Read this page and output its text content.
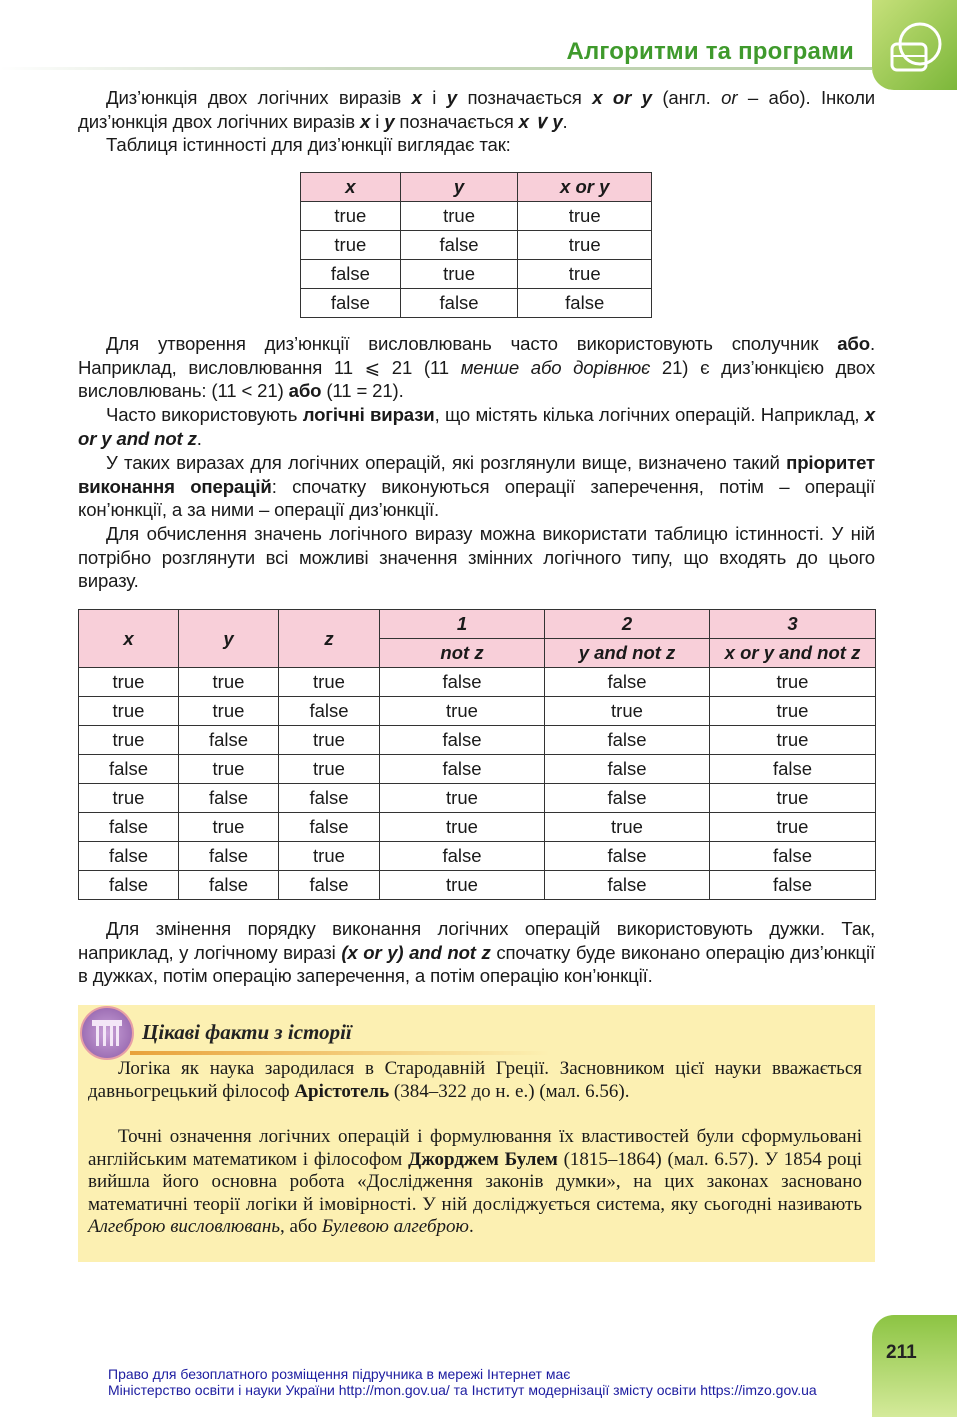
Алгоритми та програми
Диз’юнкція двох логічних виразів x і y позначається x or y (англ. or – або). Інколи диз’юнкція двох логічних виразів x і y позначається x ∨ y.
Таблиця істинності для диз’юнкції виглядає так:
x	y	x or y
true	true	true
true	false	true
false	true	true
false	false	false
Для утворення диз’юнкції висловлювань часто використовують сполучник або. Наприклад, висловлювання 11 ⩽ 21 (11 менше або дорівнює 21) є диз’юнкцією двох висловлювань: (11 < 21) або (11 = 21).
Часто використовують логічні вирази, що містять кілька логічних операцій. Наприклад, x or y and not z.
У таких виразах для логічних операцій, які розглянули вище, визначено такий пріоритет виконання операцій: спочатку виконуються операції заперечення, потім – операції кон’юнкції, а за ними – операції диз’юнкції.
Для обчислення значень логічного виразу можна використати таблицю істинності. У ній потрібно розглянути всі можливі значення змінних логічного типу, що входять до цього виразу.
x	y	z	1	2	3
			not z	y and not z	x or y and not z
true	true	true	false	false	true
true	true	false	true	true	true
true	false	true	false	false	true
false	true	true	false	false	false
true	false	false	true	false	true
false	true	false	true	true	true
false	false	true	false	false	false
false	false	false	true	false	false
Для змінення порядку виконання логічних операцій використовують дужки. Так, наприклад, у логічному виразі (x or y) and not z спочатку буде виконано операцію диз’юнкції в дужках, потім операцію заперечення, а потім операцію кон’юнкції.
Цікаві факти з історії
Логіка як наука зародилася в Стародавній Греції. Засновником цієї науки вважається давньогрецький філософ Арістотель (384–322 до н. е.) (мал. 6.56).
Точні означення логічних операцій і формулювання їх властивостей були сформульовані англійським математиком і філософом Джорджем Булем (1815–1864) (мал. 6.57). У 1854 році вийшла його основна робота «Дослідження законів думки», на цих законах засновано математичні теорії логіки й імовірності. У ній досліджується система, яку сьогодні називають Алгеброю висловлювань, або Булевою алгеброю.
211
Право для безоплатного розміщення підручника в мережі Інтернет має
Міністерство освіти і науки України http://mon.gov.ua/ та Інститут модернізації змісту освіти https://imzo.gov.ua
